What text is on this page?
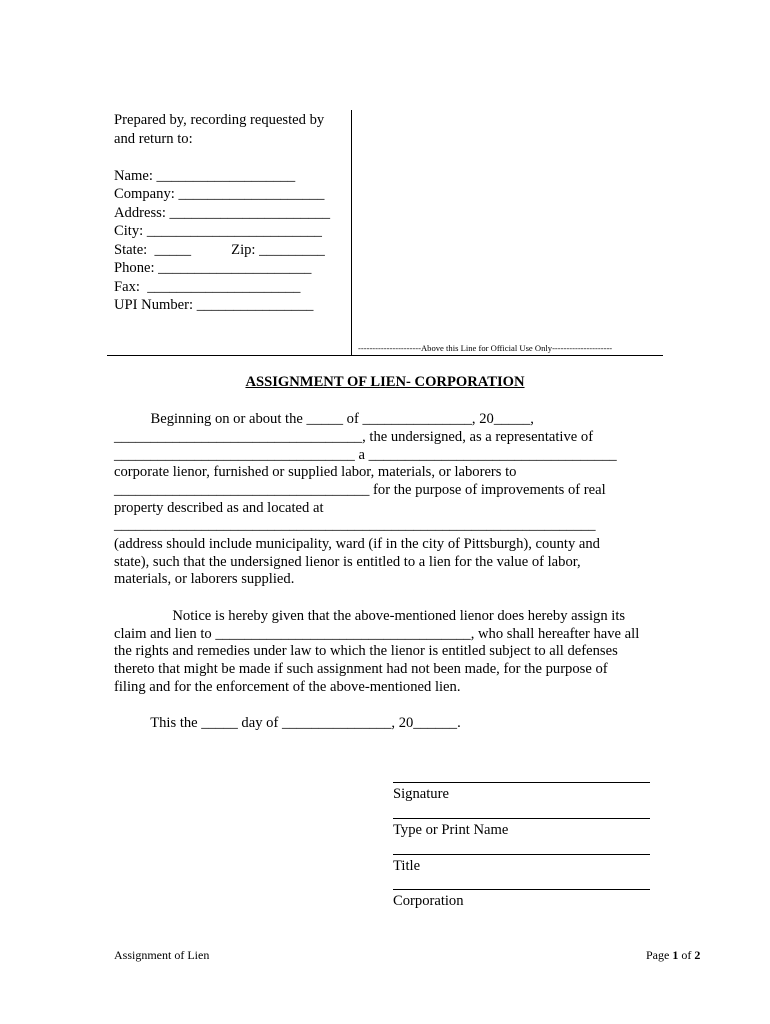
Prepared by, recording requested by
and return to:
Name: ___________________
Company: ____________________
Address: ______________________
City: ________________________
State:  _____           Zip: _________
Phone: _____________________
Fax:  _____________________
UPI Number: ________________
----------------------Above this Line for Official Use Only---------------------
ASSIGNMENT OF LIEN- CORPORATION
Beginning on or about the _____ of _______________, 20_____,
__________________________________, the undersigned, as a representative of
_________________________________ a __________________________________
corporate lienor, furnished or supplied labor, materials, or laborers to
___________________________________ for the purpose of improvements of real
property described as and located at
__________________________________________________________________
(address should include municipality, ward (if in the city of Pittsburgh), county and
state), such that the undersigned lienor is entitled to a lien for the value of labor,
materials, or laborers supplied.
Notice is hereby given that the above-mentioned lienor does hereby assign its
claim and lien to ___________________________________, who shall hereafter have all
the rights and remedies under law to which the lienor is entitled subject to all defenses
thereto that might be made if such assignment had not been made, for the purpose of
filing and for the enforcement of the above-mentioned lien.
This the _____ day of _______________, 20______.
Signature
Type or Print Name
Title
Corporation
Assignment of Lien	Page 1 of 2
